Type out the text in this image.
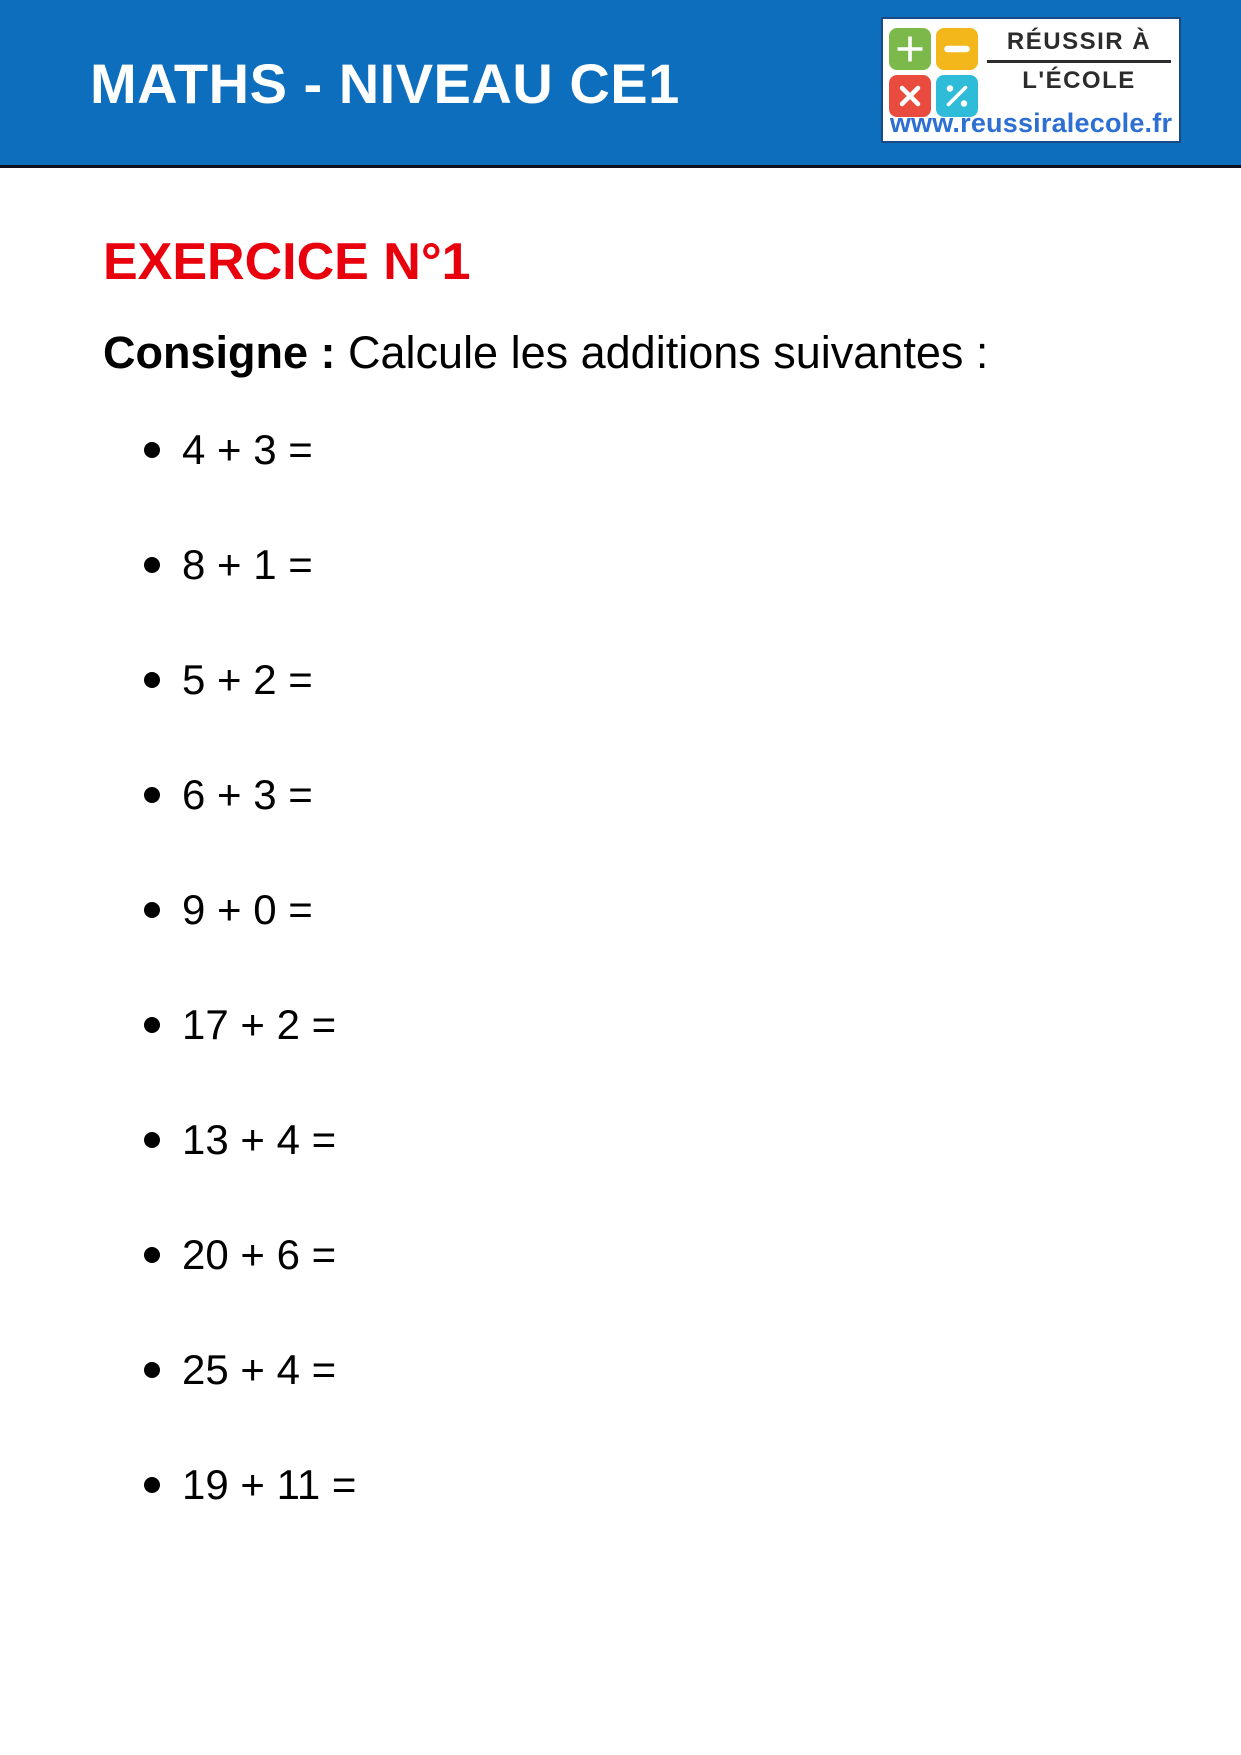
MATHS - NIVEAU CE1
RÉUSSIR À
L'ÉCOLE
www.reussiralecole.fr
EXERCICE N°1

Consigne : Calcule les additions suivantes :

4 + 3 =
8 + 1 =
5 + 2 =
6 + 3 =
9 + 0 =
17 + 2 =
13 + 4 =
20 + 6 =
25 + 4 =
19 + 11 =
